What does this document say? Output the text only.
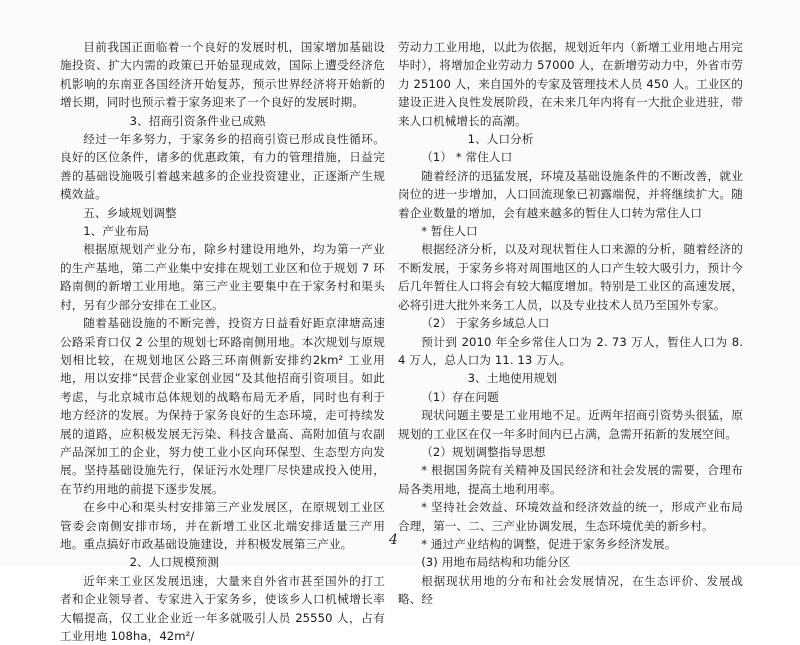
目前我国正面临着一个良好的发展时机，国家增加基础设施投资、扩大内需的政策已开始显现成效，国际上遭受经济危机影响的东南亚各国经济开始复苏，预示世界经济将开始新的增长期，同时也预示着于家务迎来了一个良好的发展时期。

3、招商引资条件业已成熟

经过一年多努力，于家务乡的招商引资已形成良性循环。良好的区位条件，诸多的优惠政策，有力的管理措施，日益完善的基础设施吸引着越来越多的企业投资建业，正逐渐产生规模效益。

五、乡域规划调整
1、产业布局

根据原规划产业分布，除乡村建设用地外，均为第一产业的生产基地，第二产业集中安排在规划工业区和位于规划 7 环路南侧的新增工业用地。第三产业主要集中在于家务村和渠头村，另有少部分安排在工业区。

随着基础设施的不断完善，投资方日益看好距京津塘高速公路采育口仅 2 公里的规划七环路南侧用地。本次规划与原规划相比较，在规划地区公路三环南侧新安排约2km² 工业用地，用以安排“民营企业家创业园”及其他招商引资项目。如此考虑，与北京城市总体规划的战略布局无矛盾，同时也有利于地方经济的发展。为保持于家务良好的生态环境，走可持续发展的道路，应积极发展无污染、科技含量高、高附加值与农副产品深加工的企业，努力使工业小区向环保型、生态型方向发展。坚持基础设施先行，保证污水处理厂尽快建成投入使用，在节约用地的前提下逐步发展。

在乡中心和渠头村安排第三产业发展区，在原规划工业区管委会南侧安排市场，并在新增工业区北端安排适量三产用地。重点搞好市政基础设施建设，并积极发展第三产业。

2、人口规模预测

近年来工业区发展迅速，大量来自外省市甚至国外的打工者和企业领导者、专家进入于家务乡，使该乡人口机械增长率大幅提高，仅工业企业近一年多就吸引人员 25550 人，占有工业用地 108ha，42m²/

劳动力工业用地，以此为依据，规划近年内（新增工业用地占用完毕时），将增加企业劳动力 57000 人，在新增劳动力中，外省市劳力 25100 人，来自国外的专家及管理技术人员 450 人。工业区的建设正进入良性发展阶段，在未来几年内将有一大批企业进驻，带来人口机械增长的高潮。

1、人口分析
（1） * 常住人口

随着经济的迅猛发展，环境及基础设施条件的不断改善，就业岗位的进一步增加，人口回流现象已初露端倪，并将继续扩大。随着企业数量的增加，会有越来越多的暂住人口转为常住人口

* 暂住人口

根据经济分析，以及对现状暂住人口来源的分析，随着经济的不断发展，于家务乡将对周围地区的人口产生较大吸引力，预计今后几年暂住人口将会有较大幅度增加。特别是工业区的高速发展，必将引进大批外来务工人员，以及专业技术人员乃至国外专家。

（2） 于家务乡域总人口

预计到 2010 年全乡常住人口为 2. 73 万人，暂住人口为 8. 4 万人，总人口为 11. 13 万人。

3、土地使用规划
（1）存在问题

现状问题主要是工业用地不足。近两年招商引资势头很猛，原规划的工业区在仅一年多时间内已占满，急需开拓新的发展空间。

（2）规划调整指导思想

* 根据国务院有关精神及国民经济和社会发展的需要，合理布局各类用地，提高土地利用率。

* 坚持社会效益、环境效益和经济效益的统一，形成产业布局合理，第一、二、三产业协调发展，生态环境优美的新乡村。

* 通过产业结构的调整，促进于家务乡经济发展。

(3) 用地布局结构和功能分区

根据现状用地的分布和社会发展情况，在生态评价、发展战略、经

4
